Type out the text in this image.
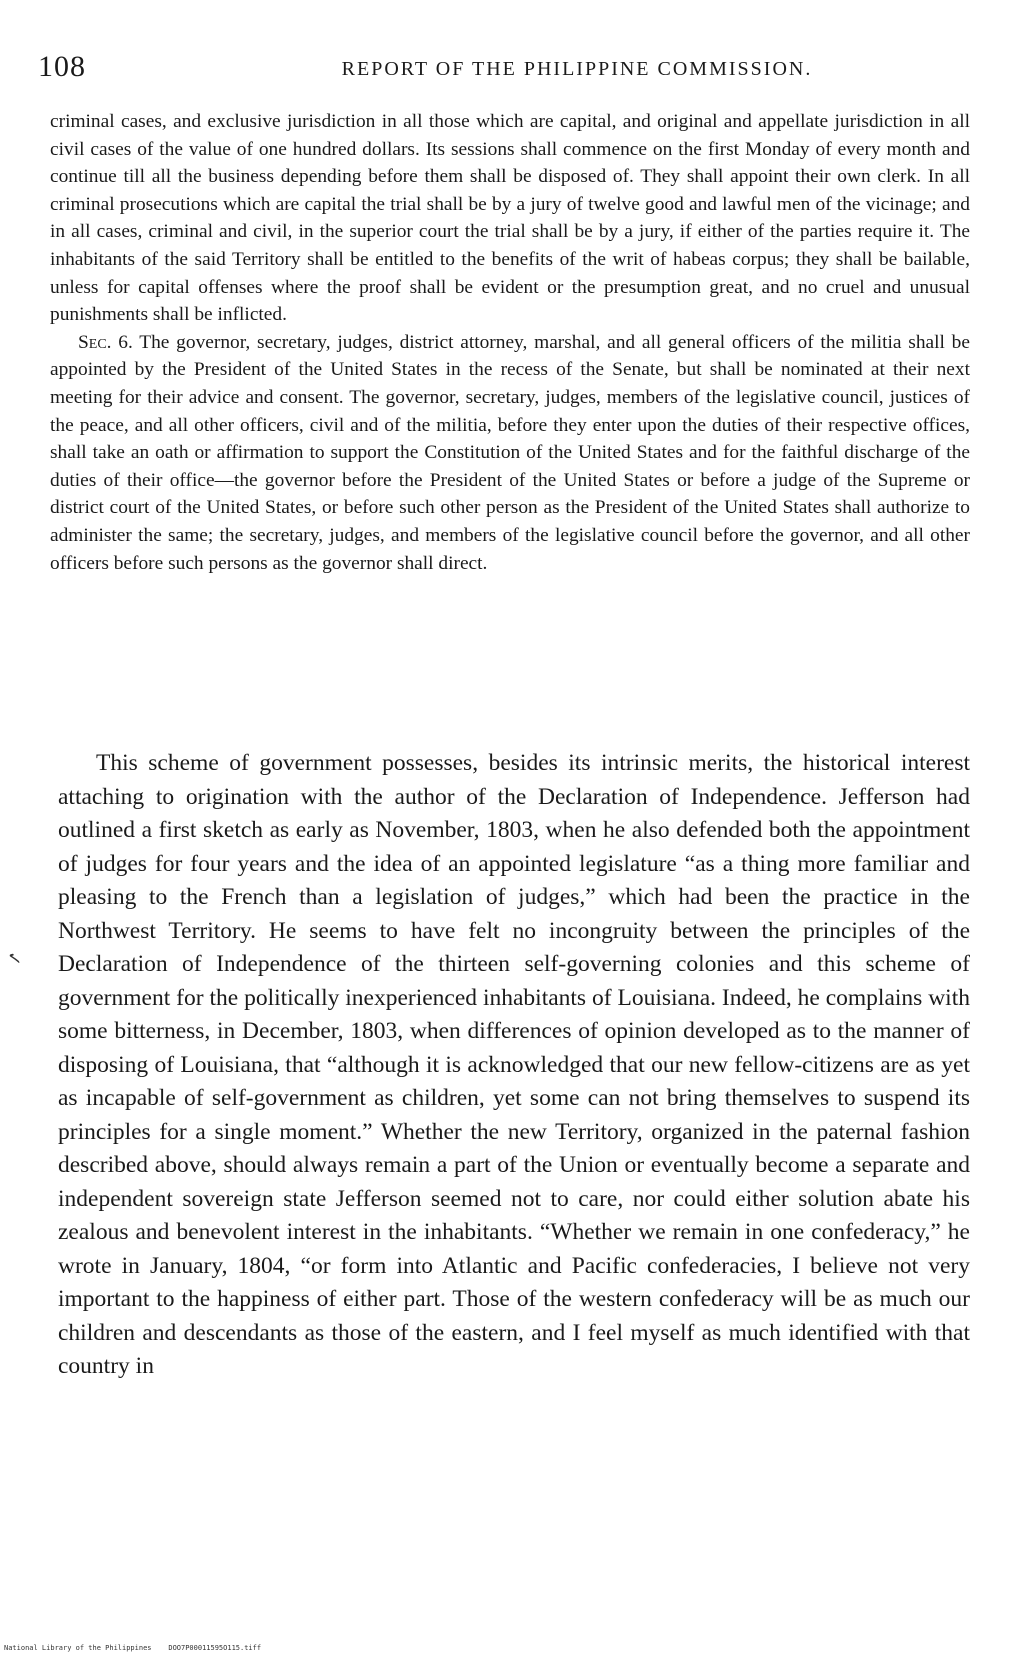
108	REPORT OF THE PHILIPPINE COMMISSION.

criminal cases, and exclusive jurisdiction in all those which are capital, and original and appellate jurisdiction in all civil cases of the value of one hundred dollars. Its sessions shall commence on the first Monday of every month and continue till all the business depending before them shall be disposed of. They shall appoint their own clerk. In all criminal prosecutions which are capital the trial shall be by a jury of twelve good and lawful men of the vicinage; and in all cases, criminal and civil, in the superior court the trial shall be by a jury, if either of the parties require it. The inhabitants of the said Territory shall be entitled to the benefits of the writ of habeas corpus; they shall be bailable, unless for capital offenses where the proof shall be evident or the presumption great, and no cruel and unusual punishments shall be inflicted.

Sec. 6. The governor, secretary, judges, district attorney, marshal, and all general officers of the militia shall be appointed by the President of the United States in the recess of the Senate, but shall be nominated at their next meeting for their advice and consent. The governor, secretary, judges, members of the legislative council, justices of the peace, and all other officers, civil and of the militia, before they enter upon the duties of their respective offices, shall take an oath or affirmation to support the Constitution of the United States and for the faithful discharge of the duties of their office—the governor before the President of the United States or before a judge of the Supreme or district court of the United States, or before such other person as the President of the United States shall authorize to administer the same; the secretary, judges, and members of the legislative council before the governor, and all other officers before such persons as the governor shall direct.

✓

This scheme of government possesses, besides its intrinsic merits, the historical interest attaching to origination with the author of the Declaration of Independence. Jefferson had outlined a first sketch as early as November, 1803, when he also defended both the appointment of judges for four years and the idea of an appointed legislature “as a thing more familiar and pleasing to the French than a legislation of judges,” which had been the practice in the Northwest Territory. He seems to have felt no incongruity between the principles of the Declaration of Independence of the thirteen self-governing colonies and this scheme of government for the politically inexperienced inhabitants of Louisiana. Indeed, he complains with some bitterness, in December, 1803, when differences of opinion developed as to the manner of disposing of Louisiana, that “although it is acknowledged that our new fellow-citizens are as yet as incapable of self-government as children, yet some can not bring themselves to suspend its principles for a single moment.” Whether the new Territory, organized in the paternal fashion described above, should always remain a part of the Union or eventually become a separate and independent sovereign state Jefferson seemed not to care, nor could either solution abate his zealous and benevolent interest in the inhabitants. “Whether we remain in one confederacy,” he wrote in January, 1804, “or form into Atlantic and Pacific confederacies, I believe not very important to the happiness of either part. Those of the western confederacy will be as much our children and descendants as those of the eastern, and I feel myself as much identified with that country in

National Library of the Philippines    DOO7P00011595O115.tiff
